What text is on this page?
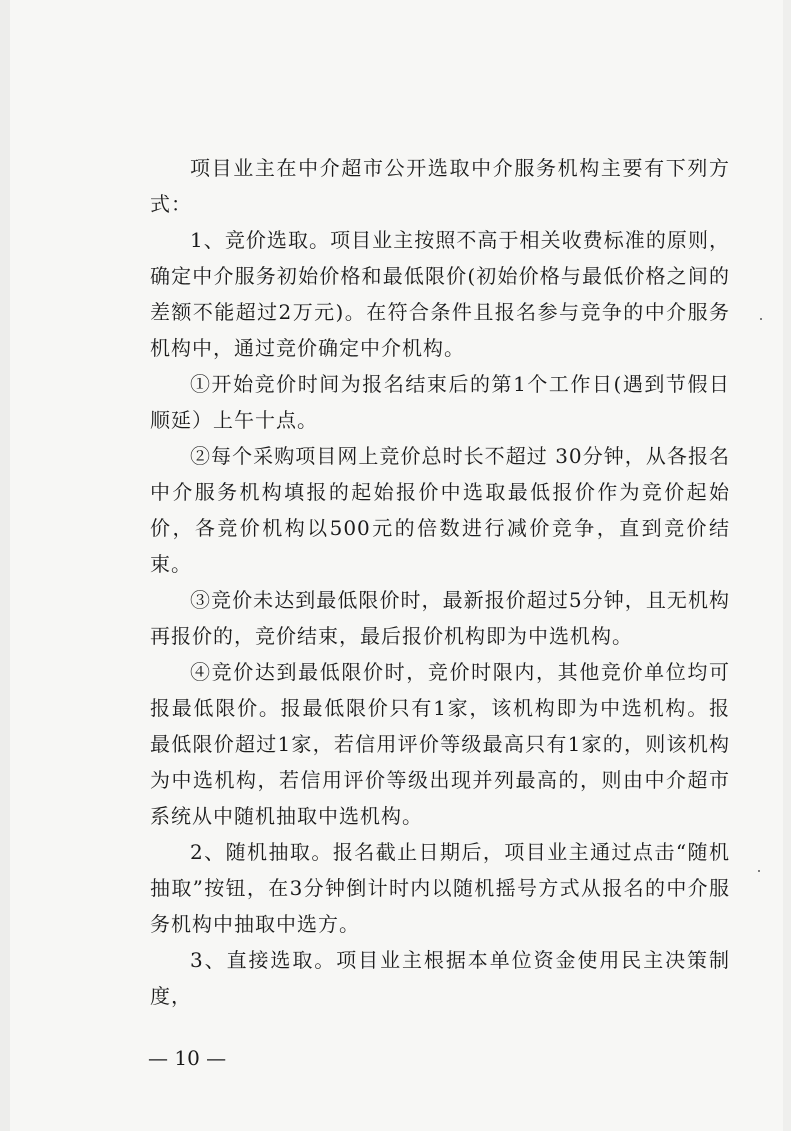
项目业主在中介超市公开选取中介服务机构主要有下列方式：

1、竞价选取。项目业主按照不高于相关收费标准的原则，确定中介服务初始价格和最低限价(初始价格与最低价格之间的差额不能超过2万元)。在符合条件且报名参与竞争的中介服务机构中，通过竞价确定中介机构。

①开始竞价时间为报名结束后的第1个工作日(遇到节假日顺延）上午十点。

②每个采购项目网上竞价总时长不超过 30分钟，从各报名中介服务机构填报的起始报价中选取最低报价作为竞价起始价，各竞价机构以500元的倍数进行减价竞争，直到竞价结束。

③竞价未达到最低限价时，最新报价超过5分钟，且无机构再报价的，竞价结束，最后报价机构即为中选机构。

④竞价达到最低限价时，竞价时限内，其他竞价单位均可报最低限价。报最低限价只有1家，该机构即为中选机构。报最低限价超过1家，若信用评价等级最高只有1家的，则该机构为中选机构，若信用评价等级出现并列最高的，则由中介超市系统从中随机抽取中选机构。

2、随机抽取。报名截止日期后，项目业主通过点击“随机抽取”按钮，在3分钟倒计时内以随机摇号方式从报名的中介服务机构中抽取中选方。

3、直接选取。项目业主根据本单位资金使用民主决策制度，

— 10 —
